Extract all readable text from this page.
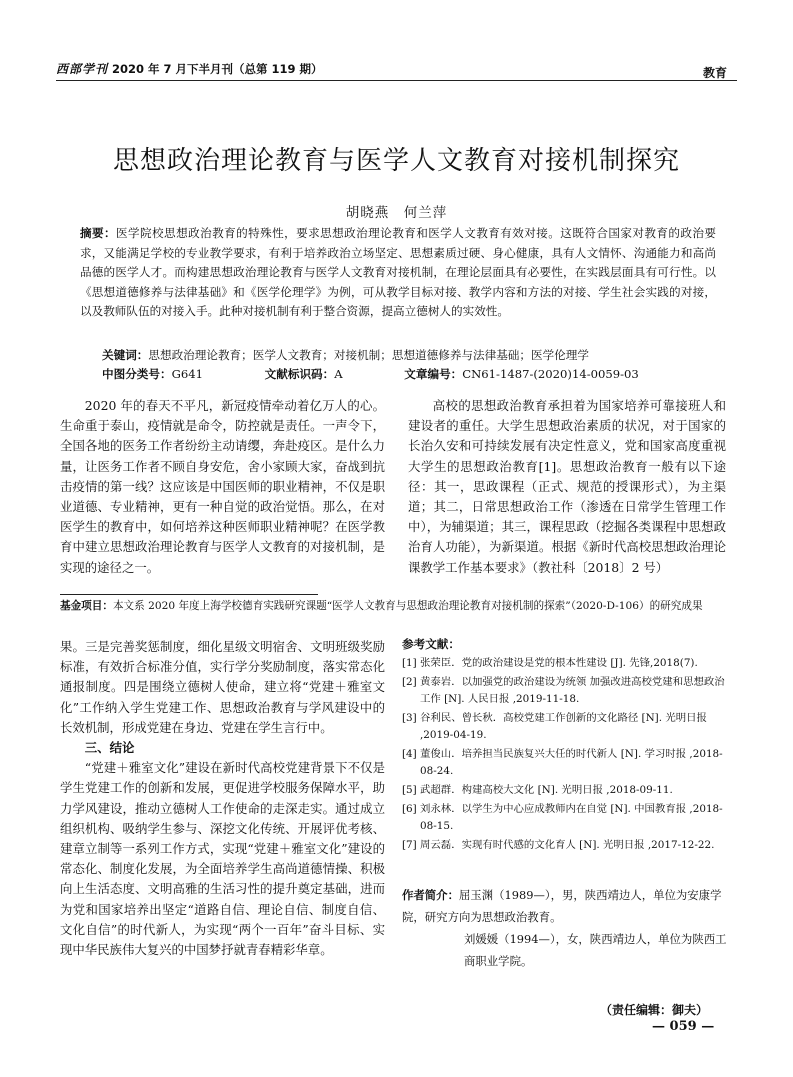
西部学刊 2020 年 7 月下半月刊（总第 119 期）	教育
思想政治理论教育与医学人文教育对接机制探究
胡晓燕　何兰萍
摘要：医学院校思想政治教育的特殊性，要求思想政治理论教育和医学人文教育有效对接。这既符合国家对教育的政治要求，又能满足学校的专业教学要求，有利于培养政治立场坚定、思想素质过硬、身心健康，具有人文情怀、沟通能力和高尚品德的医学人才。而构建思想政治理论教育与医学人文教育对接机制，在理论层面具有必要性，在实践层面具有可行性。以《思想道德修养与法律基础》和《医学伦理学》为例，可从教学目标对接、教学内容和方法的对接、学生社会实践的对接，以及教师队伍的对接入手。此种对接机制有利于整合资源，提高立德树人的实效性。
关键词：思想政治理论教育；医学人文教育；对接机制；思想道德修养与法律基础；医学伦理学
中图分类号：G641	文献标识码：A	文章编号：CN61-1487-(2020)14-0059-03

2020 年的春天不平凡，新冠疫情牵动着亿万人的心。生命重于泰山，疫情就是命令，防控就是责任。一声令下，全国各地的医务工作者纷纷主动请缨，奔赴疫区。是什么力量，让医务工作者不顾自身安危，舍小家顾大家，奋战到抗击疫情的第一线？这应该是中国医师的职业精神，不仅是职业道德、专业精神，更有一种自觉的政治觉悟。那么，在对医学生的教育中，如何培养这种医师职业精神呢？在医学教育中建立思想政治理论教育与医学人文教育的对接机制，是实现的途径之一。

高校的思想政治教育承担着为国家培养可靠接班人和建设者的重任。大学生思想政治素质的状况，对于国家的长治久安和可持续发展有决定性意义，党和国家高度重视大学生的思想政治教育[1]。思想政治教育一般有以下途径：其一，思政课程（正式、规范的授课形式），为主渠道；其二，日常思想政治工作（渗透在日常学生管理工作中），为辅渠道；其三，课程思政（挖掘各类课程中思想政治育人功能），为新渠道。根据《新时代高校思想政治理论课教学工作基本要求》（教社科〔2018〕2 号）

基金项目：本文系 2020 年度上海学校德育实践研究课题“医学人文教育与思想政治理论教育对接机制的探索”（2020-D-106）的研究成果

果。三是完善奖惩制度，细化星级文明宿舍、文明班级奖励标准，有效折合标准分值，实行学分奖励制度，落实常态化通报制度。四是围绕立德树人使命，建立将“党建＋雅室文化”工作纳入学生党建工作、思想政治教育与学风建设中的长效机制，形成党建在身边、党建在学生言行中。

三、结论

“党建＋雅室文化”建设在新时代高校党建背景下不仅是学生党建工作的创新和发展，更促进学校服务保障水平，助力学风建设，推动立德树人工作使命的走深走实。通过成立组织机构、吸纳学生参与、深挖文化传统、开展评优考核、建章立制等一系列工作方式，实现“党建＋雅室文化”建设的常态化、制度化发展，为全面培养学生高尚道德情操、积极向上生活态度、文明高雅的生活习性的提升奠定基础，进而为党和国家培养出坚定“道路自信、理论自信、制度自信、文化自信”的时代新人，为实现“两个一百年”奋斗目标、实现中华民族伟大复兴的中国梦抒就青春精彩华章。

参考文献：
[1] 张荣臣．党的政治建设是党的根本性建设 [J]. 先锋,2018(7).
[2] 黄泰岩．以加强党的政治建设为统领 加强改进高校党建和思想政治工作 [N]. 人民日报 ,2019-11-18.
[3] 谷利民、曾长秋．高校党建工作创新的文化路径 [N]. 光明日报 ,2019-04-19.
[4] 董俊山．培养担当民族复兴大任的时代新人 [N]. 学习时报 ,2018-08-24.
[5] 武超群．构建高校大文化 [N]. 光明日报 ,2018-09-11.
[6] 刘永林．以学生为中心应成教师内在自觉 [N]. 中国教育报 ,2018-08-15.
[7] 周云磊．实现有时代感的文化育人 [N]. 光明日报 ,2017-12-22.
作者简介：屈玉渊（1989—），男，陕西靖边人，单位为安康学院，研究方向为思想政治教育。
刘媛媛（1994—），女，陕西靖边人，单位为陕西工商职业学院。
（责任编辑：御夫）
— 059 —
